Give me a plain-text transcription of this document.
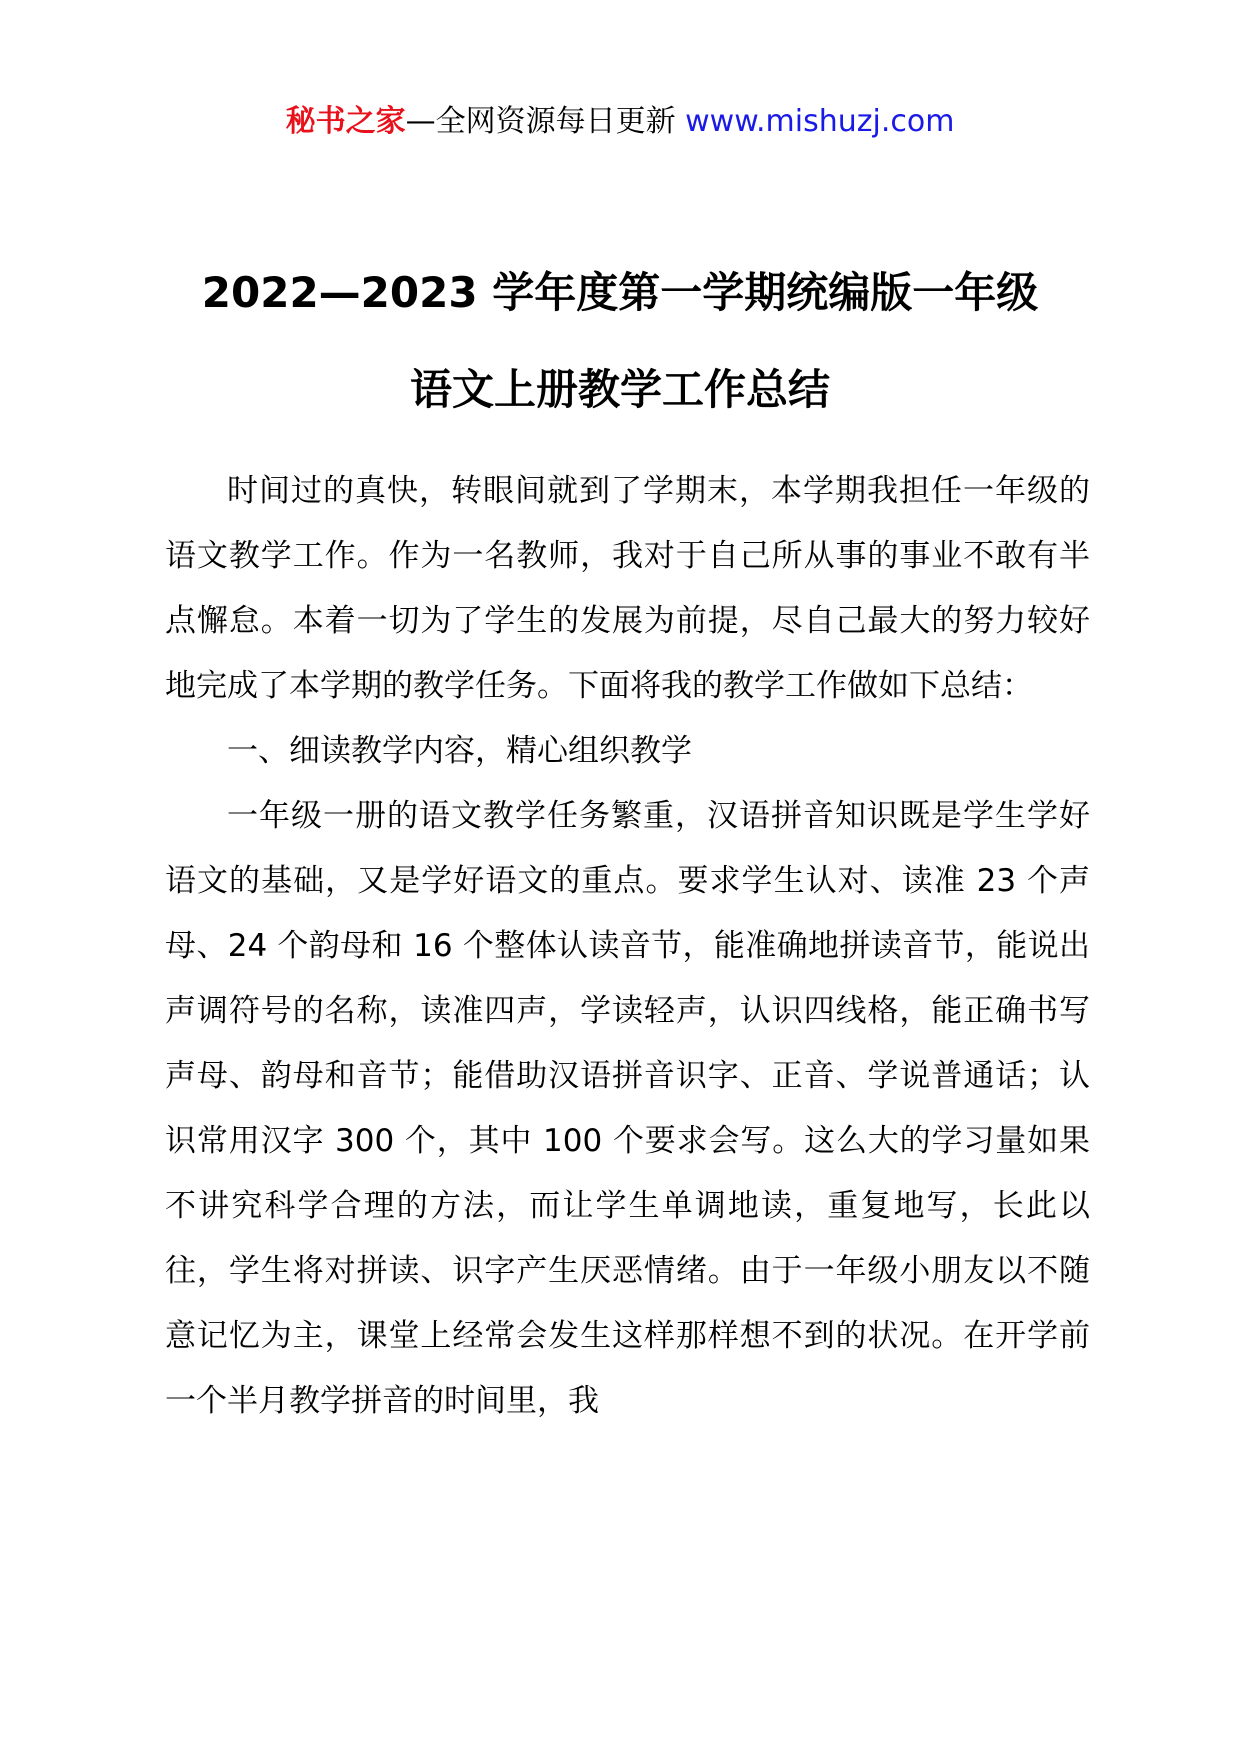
秘书之家—全网资源每日更新 www.mishuzj.com
2022—2023 学年度第一学期统编版一年级
语文上册教学工作总结

时间过的真快，转眼间就到了学期末，本学期我担任一年级的语文教学工作。作为一名教师，我对于自己所从事的事业不敢有半点懈怠。本着一切为了学生的发展为前提，尽自己最大的努力较好地完成了本学期的教学任务。下面将我的教学工作做如下总结：

一、细读教学内容，精心组织教学

一年级一册的语文教学任务繁重，汉语拼音知识既是学生学好语文的基础，又是学好语文的重点。要求学生认对、读准 23 个声母、24 个韵母和 16 个整体认读音节，能准确地拼读音节，能说出声调符号的名称，读准四声，学读轻声，认识四线格，能正确书写声母、韵母和音节；能借助汉语拼音识字、正音、学说普通话；认识常用汉字 300 个，其中 100 个要求会写。这么大的学习量如果不讲究科学合理的方法，而让学生单调地读，重复地写，长此以往，学生将对拼读、识字产生厌恶情绪。由于一年级小朋友以不随意记忆为主，课堂上经常会发生这样那样想不到的状况。在开学前一个半月教学拼音的时间里，我
